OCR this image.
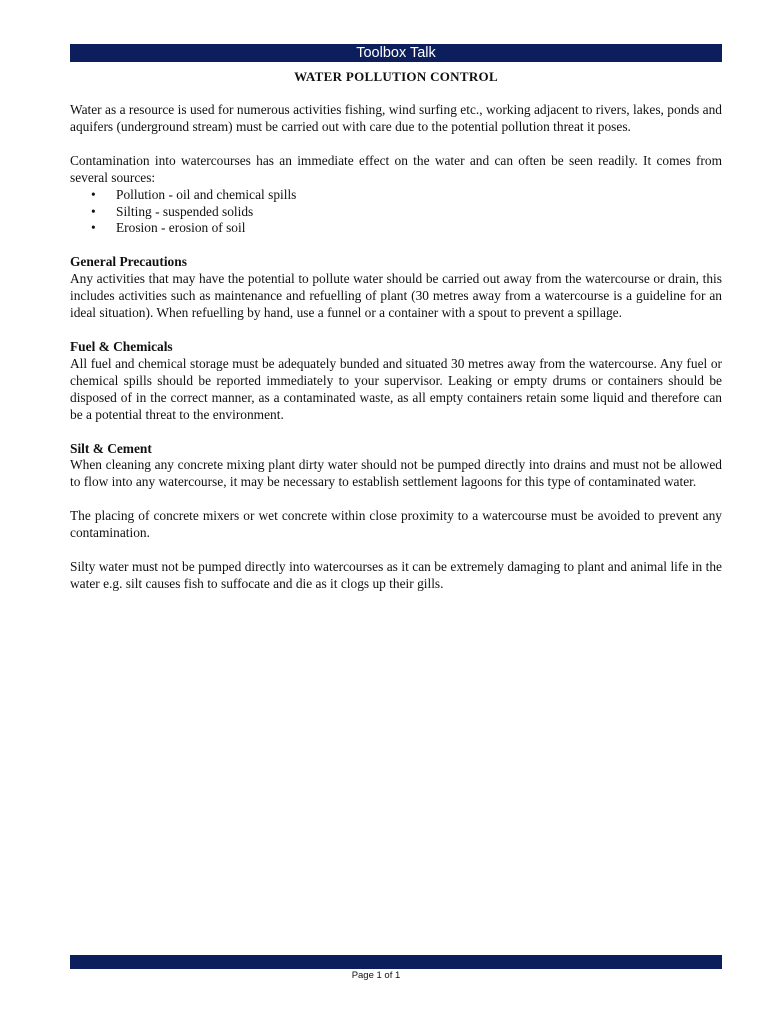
Toolbox Talk
WATER POLLUTION CONTROL

Water as a resource is used for numerous activities fishing, wind surfing etc., working adjacent to rivers, lakes, ponds and aquifers (underground stream) must be carried out with care due to the potential pollution threat it poses.

Contamination into watercourses has an immediate effect on the water and can often be seen readily. It comes from several sources:

• Pollution - oil and chemical spills
• Silting - suspended solids
• Erosion - erosion of soil

General Precautions

Any activities that may have the potential to pollute water should be carried out away from the watercourse or drain, this includes activities such as maintenance and refuelling of plant (30 metres away from a watercourse is a guideline for an ideal situation). When refuelling by hand, use a funnel or a container with a spout to prevent a spillage.

Fuel & Chemicals

All fuel and chemical storage must be adequately bunded and situated 30 metres away from the watercourse. Any fuel or chemical spills should be reported immediately to your supervisor. Leaking or empty drums or containers should be disposed of in the correct manner, as a contaminated waste, as all empty containers retain some liquid and therefore can be a potential threat to the environment.

Silt & Cement

When cleaning any concrete mixing plant dirty water should not be pumped directly into drains and must not be allowed to flow into any watercourse, it may be necessary to establish settlement lagoons for this type of contaminated water.

The placing of concrete mixers or wet concrete within close proximity to a watercourse must be avoided to prevent any contamination.

Silty water must not be pumped directly into watercourses as it can be extremely damaging to plant and animal life in the water e.g. silt causes fish to suffocate and die as it clogs up their gills.

Page 1 of 1
